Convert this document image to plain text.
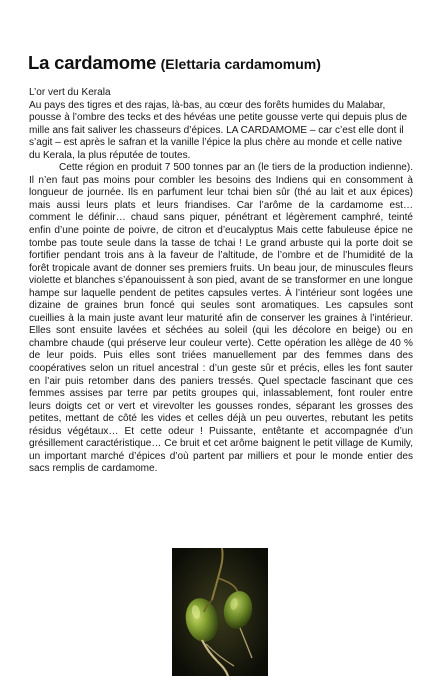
La cardamome (Elettaria cardamomum)

L’or vert du Kerala

Au pays des tigres et des rajas, là-bas, au cœur des forêts humides du Malabar, pousse à l’ombre des tecks et des hévéas une petite gousse verte qui depuis plus de mille ans fait saliver les chasseurs d’épices. LA CARDAMOME – car c’est elle dont il s’agit – est après le safran et la vanille l’épice la plus chère au monde et celle native du Kerala, la plus réputée de toutes.

Cette région en produit 7 500 tonnes par an (le tiers de la production indienne). Il n’en faut pas moins pour combler les besoins des Indiens qui en consomment à longueur de journée. Ils en parfument leur tchai bien sûr (thé au lait et aux épices) mais aussi leurs plats et leurs friandises. Car l’arôme de la cardamome est… comment le définir… chaud sans piquer, pénétrant et légèrement camphré, teinté enfin d’une pointe de poivre, de citron et d’eucalyptus Mais cette fabuleuse épice ne tombe pas toute seule dans la tasse de tchai ! Le grand arbuste qui la porte doit se fortifier pendant trois ans à la faveur de l’altitude, de l’ombre et de l’humidité de la forêt tropicale avant de donner ses premiers fruits. Un beau jour, de minuscules fleurs violette et blanches s’épanouissent à son pied, avant de se transformer en une longue hampe sur laquelle pendent de petites capsules vertes. À l’intérieur sont logées une dizaine de graines brun foncé qui seules sont aromatiques. Les capsules sont cueillies à la main juste avant leur maturité afin de conserver les graines à l’intérieur. Elles sont ensuite lavées et séchées au soleil (qui les décolore en beige) ou en chambre chaude (qui préserve leur couleur verte). Cette opération les allège de 40 % de leur poids. Puis elles sont triées manuellement par des femmes dans des coopératives selon un rituel ancestral : d’un geste sûr et précis, elles les font sauter en l’air puis retomber dans des paniers tressés. Quel spectacle fascinant que ces femmes assises par terre par petits groupes qui, inlassablement, font rouler entre leurs doigts cet or vert et virevolter les gousses rondes, séparant les grosses des petites, mettant de côté les vides et celles déjà un peu ouvertes, rebutant les petits résidus végétaux… Et cette odeur ! Puissante, entêtante et accompagnée d’un grésillement caractéristique… Ce bruit et cet arôme baignent le petit village de Kumily, un important marché d’épices d’où partent par milliers et pour le monde entier des sacs remplis de cardamome.
